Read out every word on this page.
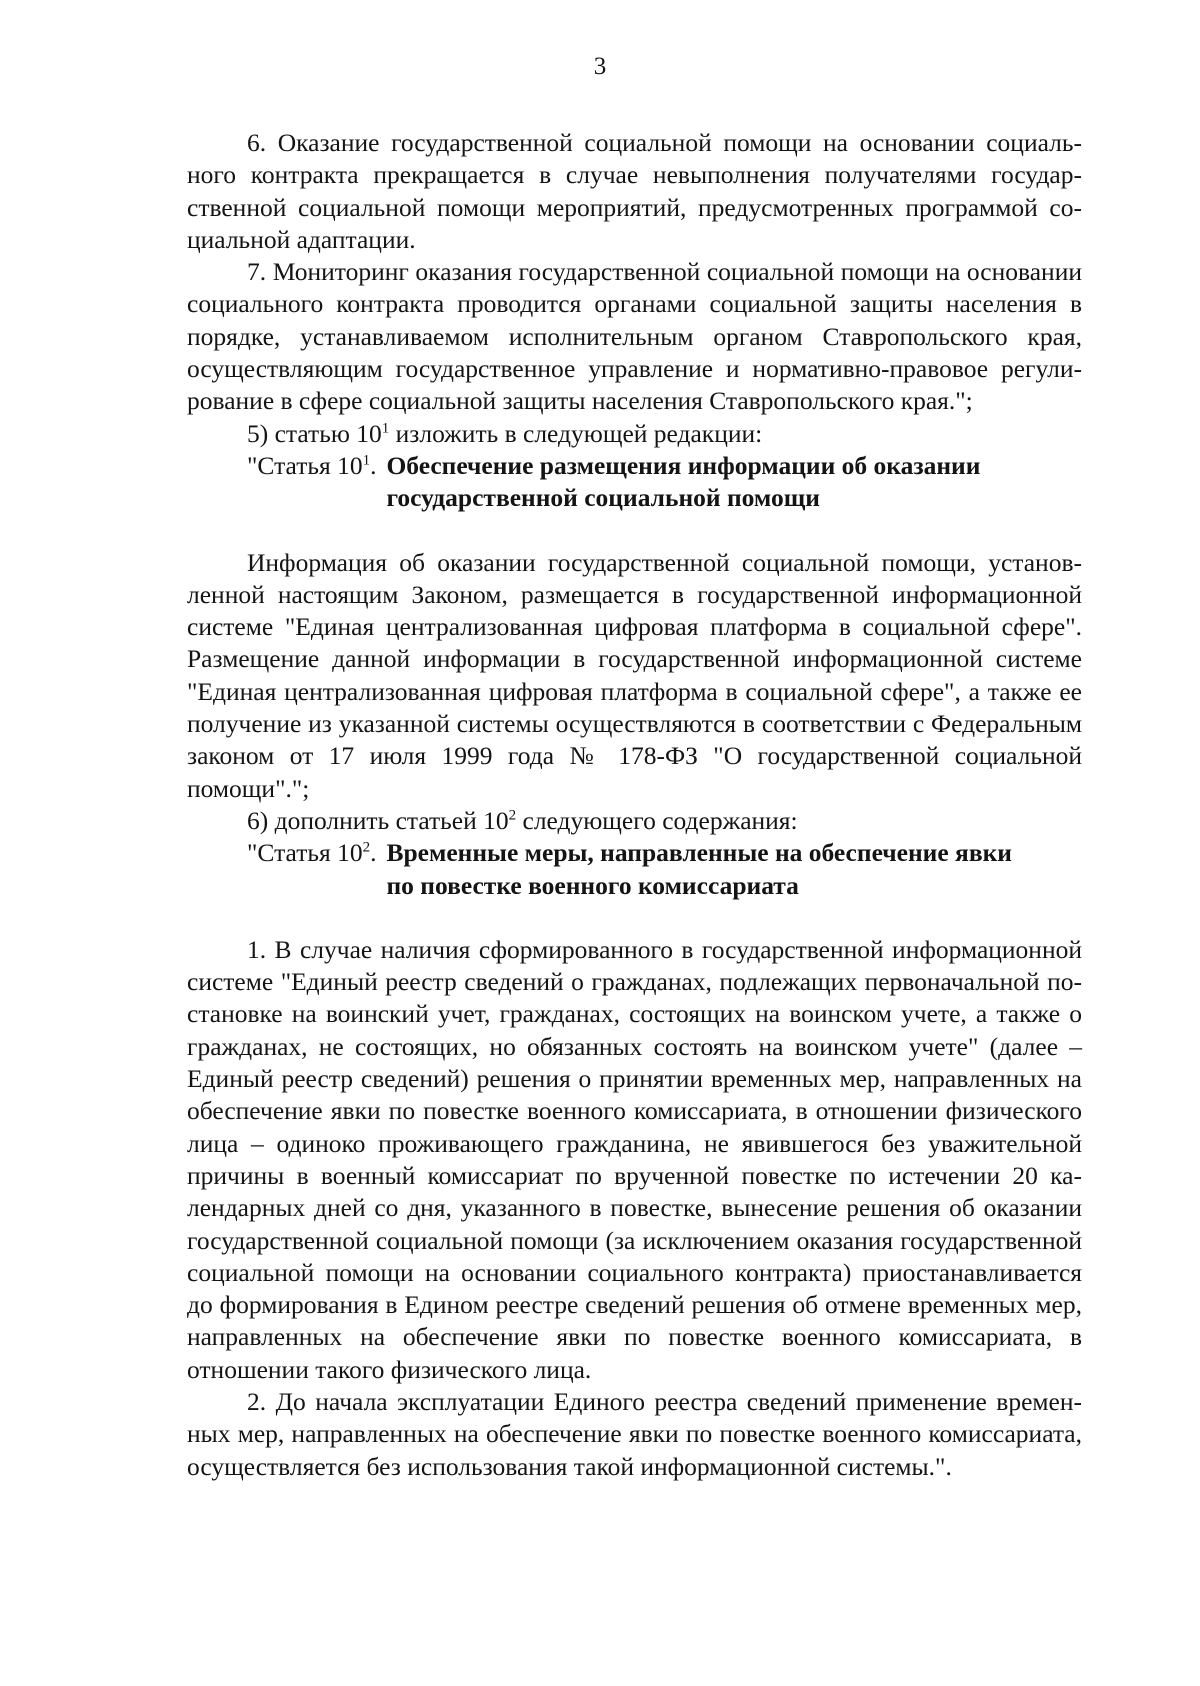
3

6. Оказание государственной социальной помощи на основании социального контракта прекращается в случае невыполнения получателями государственной социальной помощи мероприятий, предусмотренных программой социальной адаптации.

7. Мониторинг оказания государственной социальной помощи на основании социального контракта проводится органами социальной защиты населения в порядке, устанавливаемом исполнительным органом Ставропольского края, осуществляющим государственное управление и нормативно-правовое регулирование в сфере социальной защиты населения Ставропольского края.";

5) статью $10^1$ изложить в следующей редакции:

"Статья $10^1$. Обеспечение размещения информации об оказании государственной социальной помощи

Информация об оказании государственной социальной помощи, установленной настоящим Законом, размещается в государственной информационной системе "Единая централизованная цифровая платформа в социальной сфере". Размещение данной информации в государственной информационной системе "Единая централизованная цифровая платформа в социальной сфере", а также ее получение из указанной системы осуществляются в соответствии с Федеральным законом от 17 июля 1999 года № 178-ФЗ "О государственной социальной помощи".";

6) дополнить статьей $10^2$ следующего содержания:

"Статья $10^2$. Временные меры, направленные на обеспечение явки по повестке военного комиссариата

1. В случае наличия сформированного в государственной информационной системе "Единый реестр сведений о гражданах, подлежащих первоначальной постановке на воинский учет, гражданах, состоящих на воинском учете, а также о гражданах, не состоящих, но обязанных состоять на воинском учете" (далее – Единый реестр сведений) решения о принятии временных мер, направленных на обеспечение явки по повестке военного комиссариата, в отношении физического лица – одиноко проживающего гражданина, не явившегося без уважительной причины в военный комиссариат по врученной повестке по истечении 20 календарных дней со дня, указанного в повестке, вынесение решения об оказании государственной социальной помощи (за исключением оказания государственной социальной помощи на основании социального контракта) приостанавливается до формирования в Едином реестре сведений решения об отмене временных мер, направленных на обеспечение явки по повестке военного комиссариата, в отношении такого физического лица.

2. До начала эксплуатации Единого реестра сведений применение временных мер, направленных на обеспечение явки по повестке военного комиссариата, осуществляется без использования такой информационной системы.".
